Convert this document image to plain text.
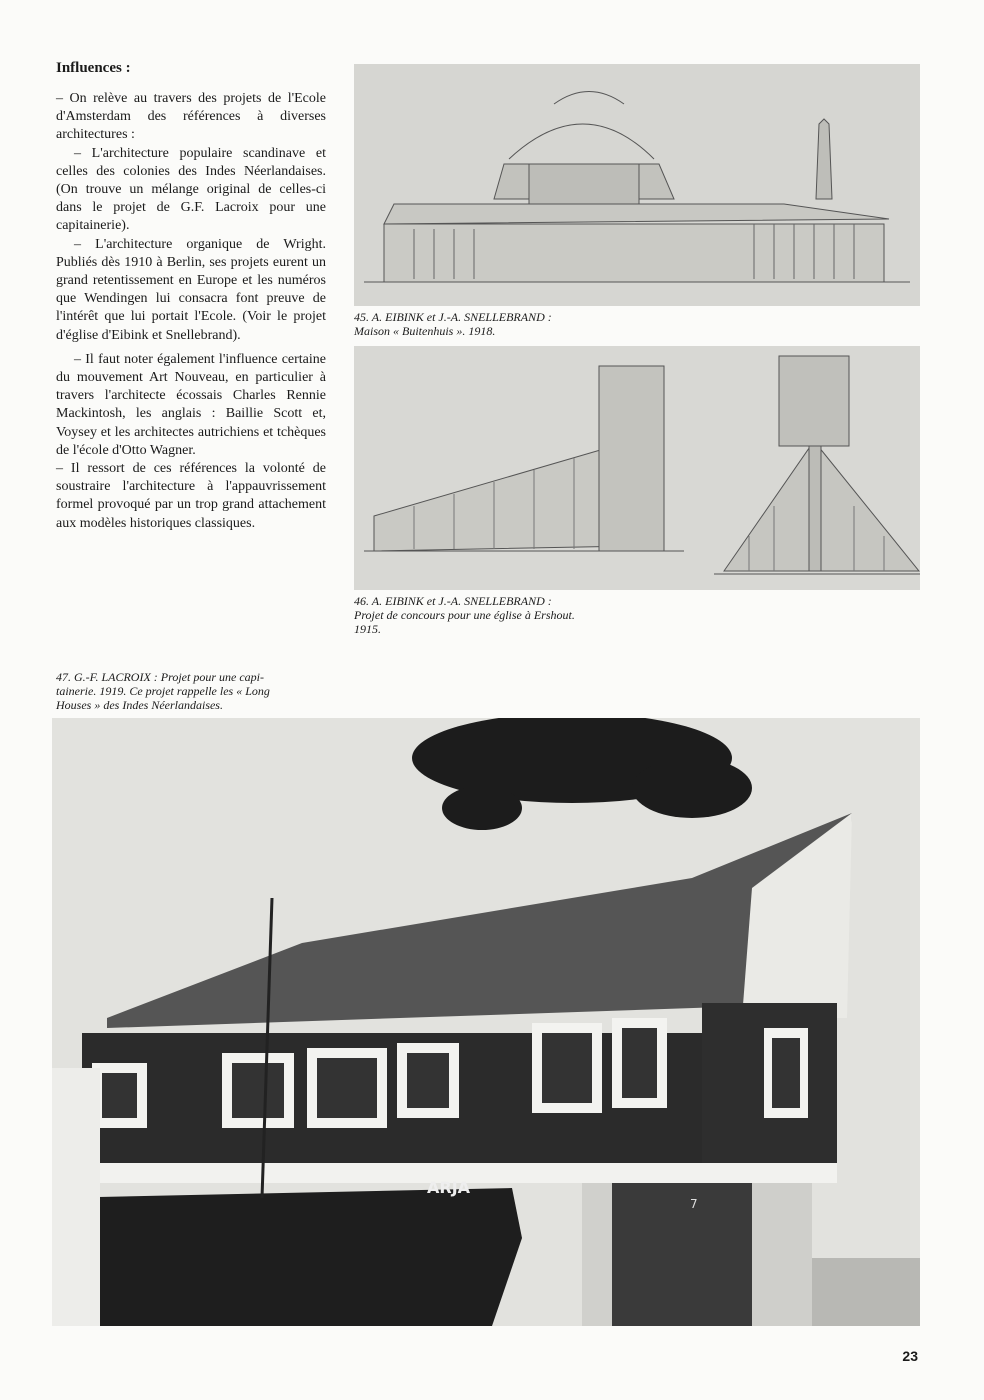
Influences :

– On relève au travers des projets de l'Ecole d'Amsterdam des références à diverses architectures :

– L'architecture populaire scandinave et celles des colonies des Indes Néerlandaises. (On trouve un mélange original de celles-ci dans le projet de G.F. Lacroix pour une capitainerie).

– L'architecture organique de Wright. Publiés dès 1910 à Berlin, ses projets eurent un grand retentissement en Europe et les numéros que Wendingen lui consacra font preuve de l'intérêt que lui portait l'Ecole. (Voir le projet d'église d'Eibink et Snellebrand).

– Il faut noter également l'influence certaine du mouvement Art Nouveau, en particulier à travers l'architecte écossais Charles Rennie Mackintosh, les anglais : Baillie Scott et, Voysey et les architectes autrichiens et tchèques de l'école d'Otto Wagner.

– Il ressort de ces références la volonté de soustraire l'architecture à l'appauvrissement formel provoqué par un trop grand attachement aux modèles historiques classiques.

45. A. EIBINK et J.-A. SNELLEBRAND :
Maison « Buitenhuis ». 1918.
46. A. EIBINK et J.-A. SNELLEBRAND :
Projet de concours pour une église à Ershout.
1915.
47. G.-F. LACROIX : Projet pour une capi-
tainerie. 1919. Ce projet rappelle les « Long
Houses » des Indes Néerlandaises.
ARJA
7
23
